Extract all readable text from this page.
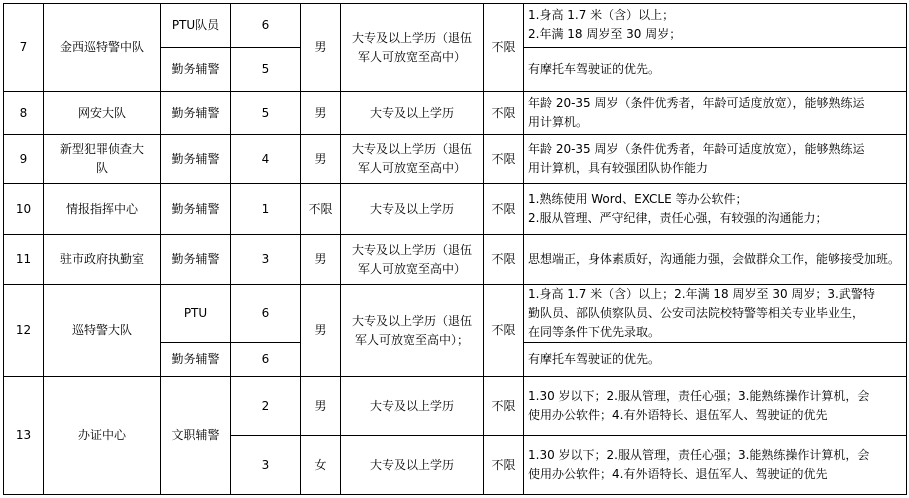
7	金西巡特警中队	PTU队员	6	男	大专及以上学历（退伍
军人可放宽至高中）	不限	1.身高 1.7 米（含）以上；
2.年满 18 周岁至 30 周岁；

		勤务辅警	5				有摩托车驾驶证的优先。
8	网安大队	勤务辅警	5	男	大专及以上学历	不限	年龄 20-35 周岁（条件优秀者，年龄可适度放宽），能够熟练运
用计算机。

9	新型犯罪侦查大
队	勤务辅警	4	男	大专及以上学历（退伍
军人可放宽至高中）	不限	年龄 20-35 周岁（条件优秀者，年龄可适度放宽），能够熟练运
用计算机，具有较强团队协作能力

10	情报指挥中心	勤务辅警	1	不限	大专及以上学历	不限	1.熟练使用 Word、EXCLE 等办公软件；
2.服从管理、严守纪律，责任心强，有较强的沟通能力；

11	驻市政府执勤室	勤务辅警	3	男	大专及以上学历（退伍
军人可放宽至高中）	不限	思想端正，身体素质好，沟通能力强，会做群众工作，能够接受加班。
12	巡特警大队	PTU	6	男	大专及以上学历（退伍
军人可放宽至高中）；	不限	1.身高 1.7 米（含）以上；2.年满 18 周岁至 30 周岁；3.武警特
勤队员、部队侦察队员、公安司法院校特警等相关专业毕业生，
在同等条件下优先录取。

		勤务辅警	6				有摩托车驾驶证的优先。
13	办证中心	文职辅警	2	男	大专及以上学历	不限	1.30 岁以下；2.服从管理，责任心强；3.能熟练操作计算机，会
使用办公软件；4.有外语特长、退伍军人、驾驶证的优先

			3	女	大专及以上学历	不限	1.30 岁以下；2.服从管理，责任心强；3.能熟练操作计算机，会
使用办公软件；4.有外语特长、退伍军人、驾驶证的优先
